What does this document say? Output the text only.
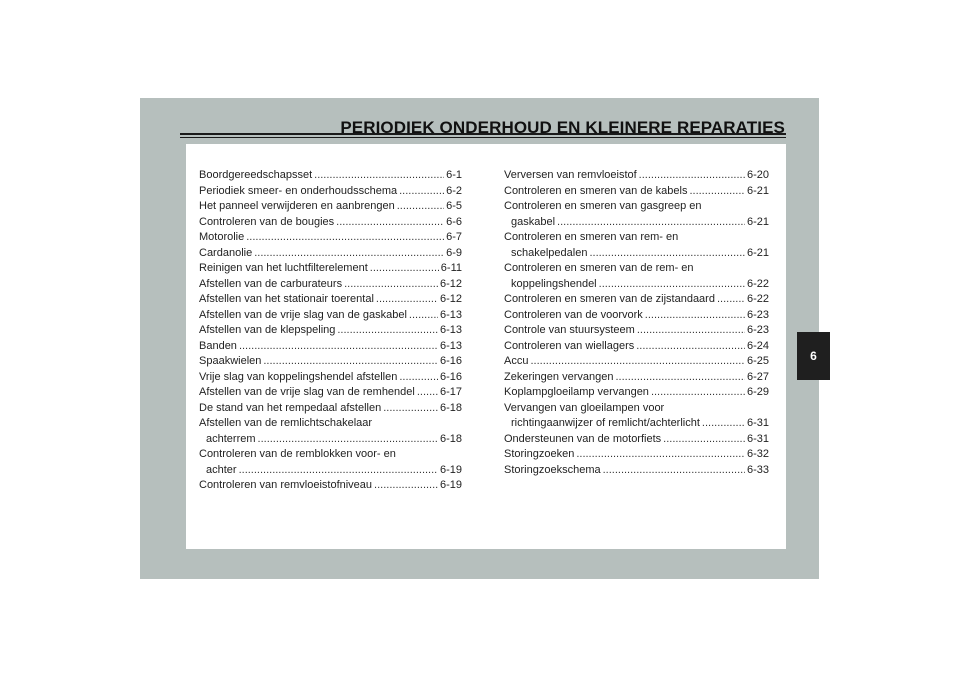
PERIODIEK ONDERHOUD EN KLEINERE REPARATIES
Boordgereedschapsset .....	6-1
Periodiek smeer- en onderhoudsschema .....	6-2
Het panneel verwijderen en aanbrengen .....	6-5
Controleren van de bougies .....	6-6
Motorolie .....	6-7
Cardanolie .....	6-9
Reinigen van het luchtfilterelement .....	6-11
Afstellen van de carburateurs .....	6-12
Afstellen van het stationair toerental .....	6-12
Afstellen van de vrije slag van de gaskabel .....	6-13
Afstellen van de klepspeling .....	6-13
Banden .....	6-13
Spaakwielen .....	6-16
Vrije slag van koppelingshendel afstellen .....	6-16
Afstellen van de vrije slag van de remhendel ..... 6-17
De stand van het rempedaal afstellen .....	6-18
Afstellen van de remlichtschakelaar
achterrem .....	6-18
Controleren van de remblokken voor- en
achter .....	6-19
Controleren van remvloeistofniveau .....	6-19
Verversen van remvloeistof .....	6-20
Controleren en smeren van de kabels .....	6-21
Controleren en smeren van gasgreep en
gaskabel .....	6-21
Controleren en smeren van rem- en
schakelpedalen .....	6-21
Controleren en smeren van de rem- en
koppelingshendel .....	6-22
Controleren en smeren van de zijstandaard .....	6-22
Controleren van de voorvork .....	6-23
Controle van stuursysteem .....	6-23
Controleren van wiellagers .....	6-24
Accu .....	6-25
Zekeringen vervangen .....	6-27
Koplampgloeilamp vervangen .....	6-29
Vervangen van gloeilampen voor
richtingaanwijzer of remlicht/achterlicht .....	6-31
Ondersteunen van de motorfiets .....	6-31
Storingzoeken .....	6-32
Storingzoekschema .....	6-33
6
